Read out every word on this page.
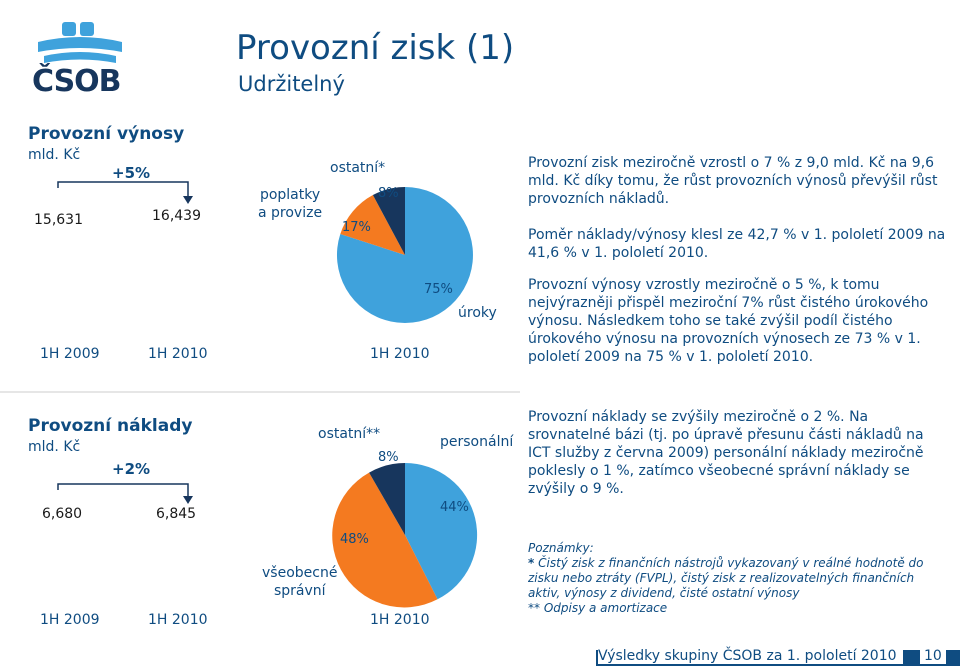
ČSOB
Provozní zisk (1)
Udržitelný
Provozní výnosy
mld. Kč
+5%
15,631	16,439
1H 2009	1H 2010	1H 2010
poplatky
a provize
ostatní*
úroky
17%
8%
75%
Provozní náklady
mld. Kč
+2%
6,680	6,845
1H 2009	1H 2010	1H 2010
ostatní**	personální
všeobecné
správní
8%
44%
48%
Provozní zisk meziročně vzrostl o 7 % z 9,0 mld. Kč na 9,6 mld. Kč díky tomu, že růst provozních výnosů převýšil růst provozních nákladů.
Poměr náklady/výnosy klesl ze 42,7 % v 1. pololetí 2009 na 41,6 % v 1. pololetí 2010.
Provozní výnosy vzrostly meziročně o 5 %, k tomu nejvýrazněji přispěl meziroční 7% růst čistého úrokového výnosu. Následkem toho se také zvýšil podíl čistého úrokového výnosu na provozních výnosech ze 73 % v 1. pololetí 2009 na 75 % v 1. pololetí 2010.
Provozní náklady se zvýšily meziročně o 2 %. Na srovnatelné bázi (tj. po úpravě přesunu části nákladů na ICT služby z června 2009) personální náklady meziročně poklesly o 1 %, zatímco všeobecné správní náklady se zvýšily o 9 %.
Poznámky:
* Čistý zisk z finančních nástrojů vykazovaný v reálné hodnotě do zisku nebo ztráty (FVPL), čistý zisk z realizovatelných finančních aktiv, výnosy z dividend, čisté ostatní výnosy
** Odpisy a amortizace
Výsledky skupiny ČSOB za 1. pololetí 2010	10
